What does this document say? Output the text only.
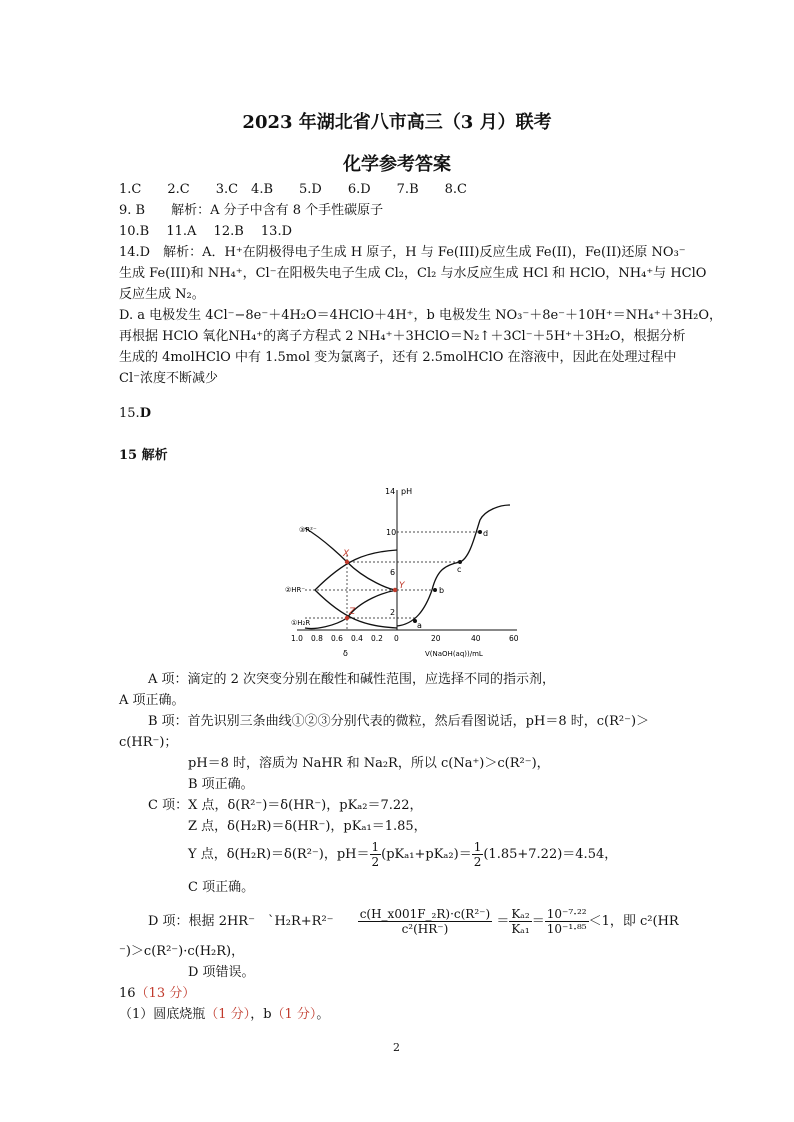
2023 年湖北省八市高三（3 月）联考
化学参考答案
1.C　　2.C　　3.C　4.B　　5.D　　6.D　　7.B　　8.C
9. B　　解析：A 分子中含有 8 个手性碳原子
10.B　 11.A　 12.B　 13.D
14.D　解析：A．H⁺在阴极得电子生成 H 原子，H 与 Fe(III)反应生成 Fe(II)，Fe(II)还原 NO₃⁻
生成 Fe(III)和 NH₄⁺，Cl⁻在阳极失电子生成 Cl₂，Cl₂ 与水反应生成 HCl 和 HClO，NH₄⁺与 HClO
反应生成 N₂。
D. a 电极发生 4Cl⁻−8e⁻＋4H₂O＝4HClO＋4H⁺，b 电极发生 NO₃⁻＋8e⁻＋10H⁺＝NH₄⁺＋3H₂O，
再根据 HClO 氧化NH₄⁺的离子方程式 2 NH₄⁺＋3HClO＝N₂↑＋3Cl⁻＋5H⁺＋3H₂O，根据分析
生成的 4molHClO 中有 1.5mol 变为氯离子，还有 2.5molHClO 在溶液中，因此在处理过程中
Cl⁻浓度不断减少
15.D
15 解析
14 pH
10
6
2
a
b
c
d
X
Y
Z
③R²⁻
②HR⁻
①H₂R
1.0 0.8 0.6 0.4 0.2 0	20	40	60
δ	V(NaOH(aq))/mL
A 项：滴定的 2 次突变分别在酸性和碱性范围，应选择不同的指示剂，
A 项正确。
B 项：首先识别三条曲线①②③分别代表的微粒，然后看图说话，pH＝8 时，c(R²⁻)＞
c(HR⁻)；
pH＝8 时，溶质为 NaHR 和 Na₂R，所以 c(Na⁺)＞c(R²⁻)，
B 项正确。
C 项：X 点，δ(R²⁻)＝δ(HR⁻)，pKₐ₂＝7.22，
Z 点，δ(H₂R)＝δ(HR⁻)，pKₐ₁＝1.85，
Y 点，δ(H₂R)＝δ(R²⁻)，$pH= \frac{1}{2} (pK_{a1}+pK_{a2})= \frac{1}{2} (1.85+7.22)=4.54$，
C 项正确。
D 项：根据 2HR⁻　`H₂R+R²⁻ $\frac{\text{c(H\_x001F\_₂R)·c(R²⁻)}}{\text{c²(HR⁻)}} = \frac{\text{Kₐ₂}}{\text{Kₐ₁}} = \frac{\text{10⁻⁷·²²}}{\text{10⁻¹·⁸⁵}} <1$，即 c²(HR
⁻)＞c(R²⁻)·c(H₂R)，
D 项错误。
16（13 分）
（1）圆底烧瓶（1 分），b（1 分）。
2
